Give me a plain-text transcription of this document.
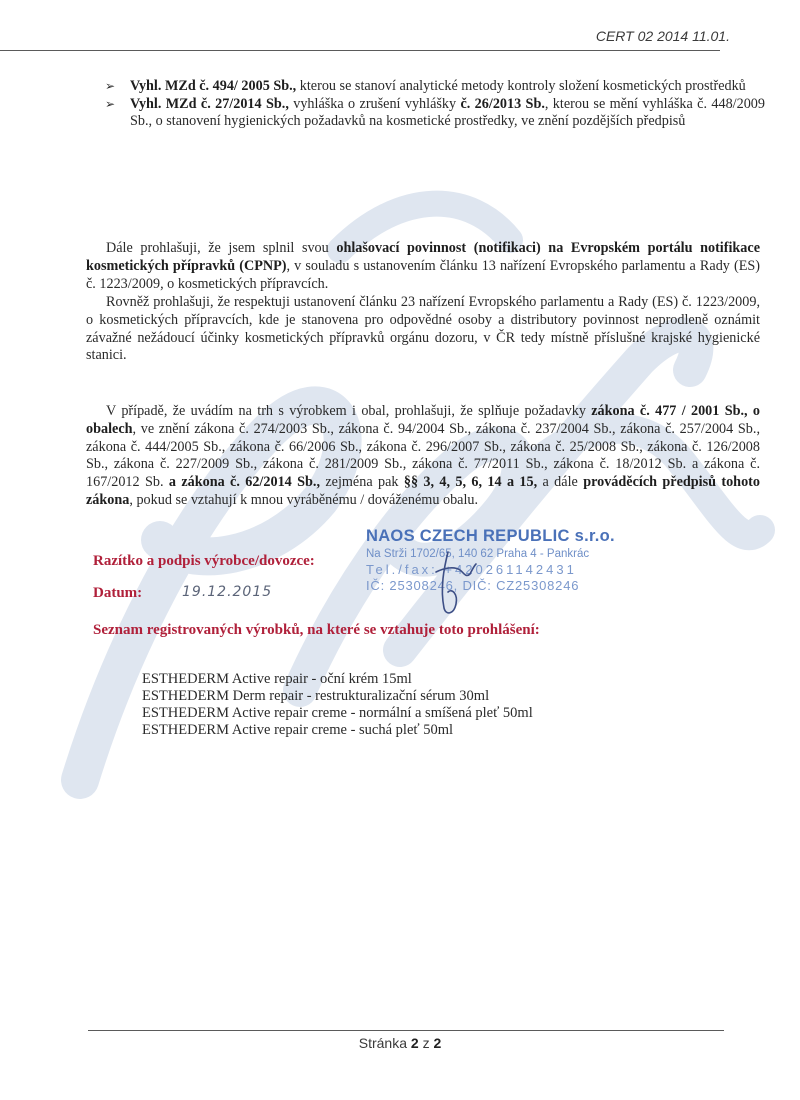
CERT 02 2014 11.01.
➢ Vyhl. MZd č. 494/ 2005 Sb., kterou se stanoví analytické metody kontroly složení kosmetických prostředků
➢ Vyhl. MZd č. 27/2014 Sb., vyhláška o zrušení vyhlášky č. 26/2013 Sb., kterou se mění vyhláška č. 448/2009 Sb., o stanovení hygienických požadavků na kosmetické prostředky, ve znění pozdějších předpisů
Dále prohlašuji, že jsem splnil svou ohlašovací povinnost (notifikaci) na Evropském portálu notifikace kosmetických přípravků (CPNP), v souladu s ustanovením článku 13 nařízení Evropského parlamentu a Rady (ES) č. 1223/2009, o kosmetických přípravcích.
Rovněž prohlašuji, že respektuji ustanovení článku 23 nařízení Evropského parlamentu a Rady (ES) č. 1223/2009, o kosmetických přípravcích, kde je stanovena pro odpovědné osoby a distributory povinnost neprodleně oznámit závažné nežádoucí účinky kosmetických přípravků orgánu dozoru, v ČR tedy místně příslušné krajské hygienické stanici.
V případě, že uvádím na trh s výrobkem i obal, prohlašuji, že splňuje požadavky zákona č. 477 / 2001 Sb., o obalech, ve znění zákona č. 274/2003 Sb., zákona č. 94/2004 Sb., zákona č. 237/2004 Sb., zákona č. 257/2004 Sb., zákona č. 444/2005 Sb., zákona č. 66/2006 Sb., zákona č. 296/2007 Sb., zákona č. 25/2008 Sb., zákona č. 126/2008 Sb., zákona č. 227/2009 Sb., zákona č. 281/2009 Sb., zákona č. 77/2011 Sb., zákona č. 18/2012 Sb. a zákona č. 167/2012 Sb. a zákona č. 62/2014 Sb., zejména pak §§ 3, 4, 5, 6, 14 a 15, a dále prováděcích předpisů tohoto zákona, pokud se vztahují k mnou vyráběnému / dováženému obalu.
Razítko a podpis výrobce/dovozce:
Datum:	19.12.2015
NAOS CZECH REPUBLIC s.r.o.
Na Strži 1702/65, 140 62 Praha 4 - Pankrác
Tel./fax: +420261142431
IČ: 25308246, DIČ: CZ25308246
Seznam registrovaných výrobků, na které se vztahuje toto prohlášení:
ESTHEDERM Active repair - oční krém 15ml
ESTHEDERM Derm repair - restrukturalizační sérum 30ml
ESTHEDERM Active repair creme - normální a smíšená pleť 50ml
ESTHEDERM Active repair creme - suchá pleť 50ml
Stránka 2 z 2
